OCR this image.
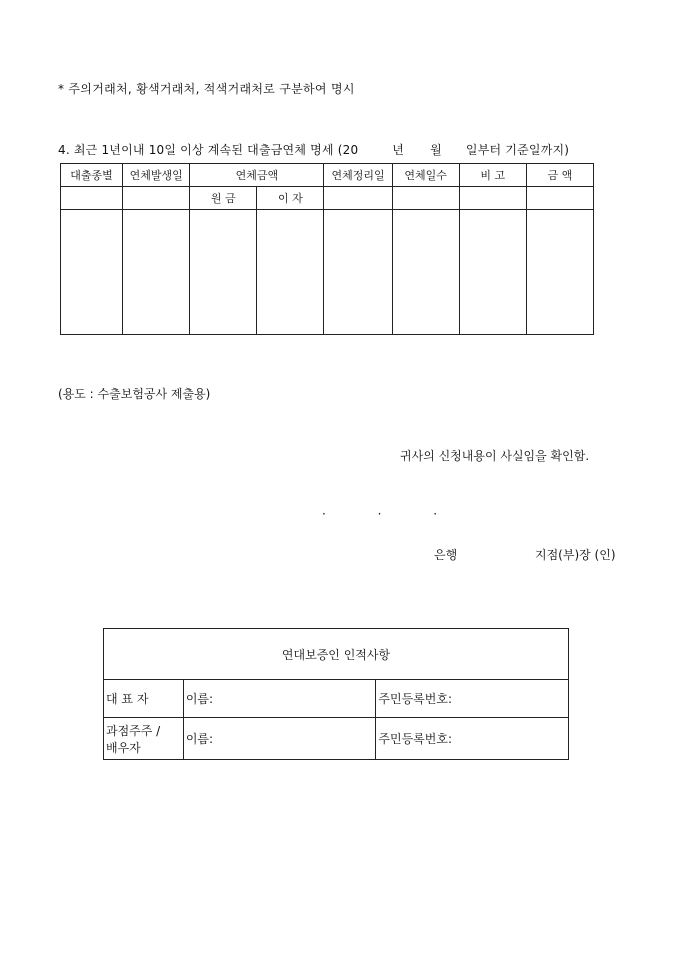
* 주의거래처, 황색거래처, 적색거래처로 구분하여 명시
4. 최근 1년이내 10일 이상 계속된 대출금연체 명세 (20	년 월 일부터 기준일까지)
대출종별	연체발생일	연체금액		연체정리일	연체일수	비 고	금 액
		원 금	이 자				

(용도 : 수출보험공사 제출용)
귀사의 신청내용이 사실임을 확인함.
· · ·
은행	지점(부)장 (인)
연대보증인 인적사항		
대 표 자	이름:	주민등록번호:

과점주주 /
배우자	이름:	주민등록번호:
